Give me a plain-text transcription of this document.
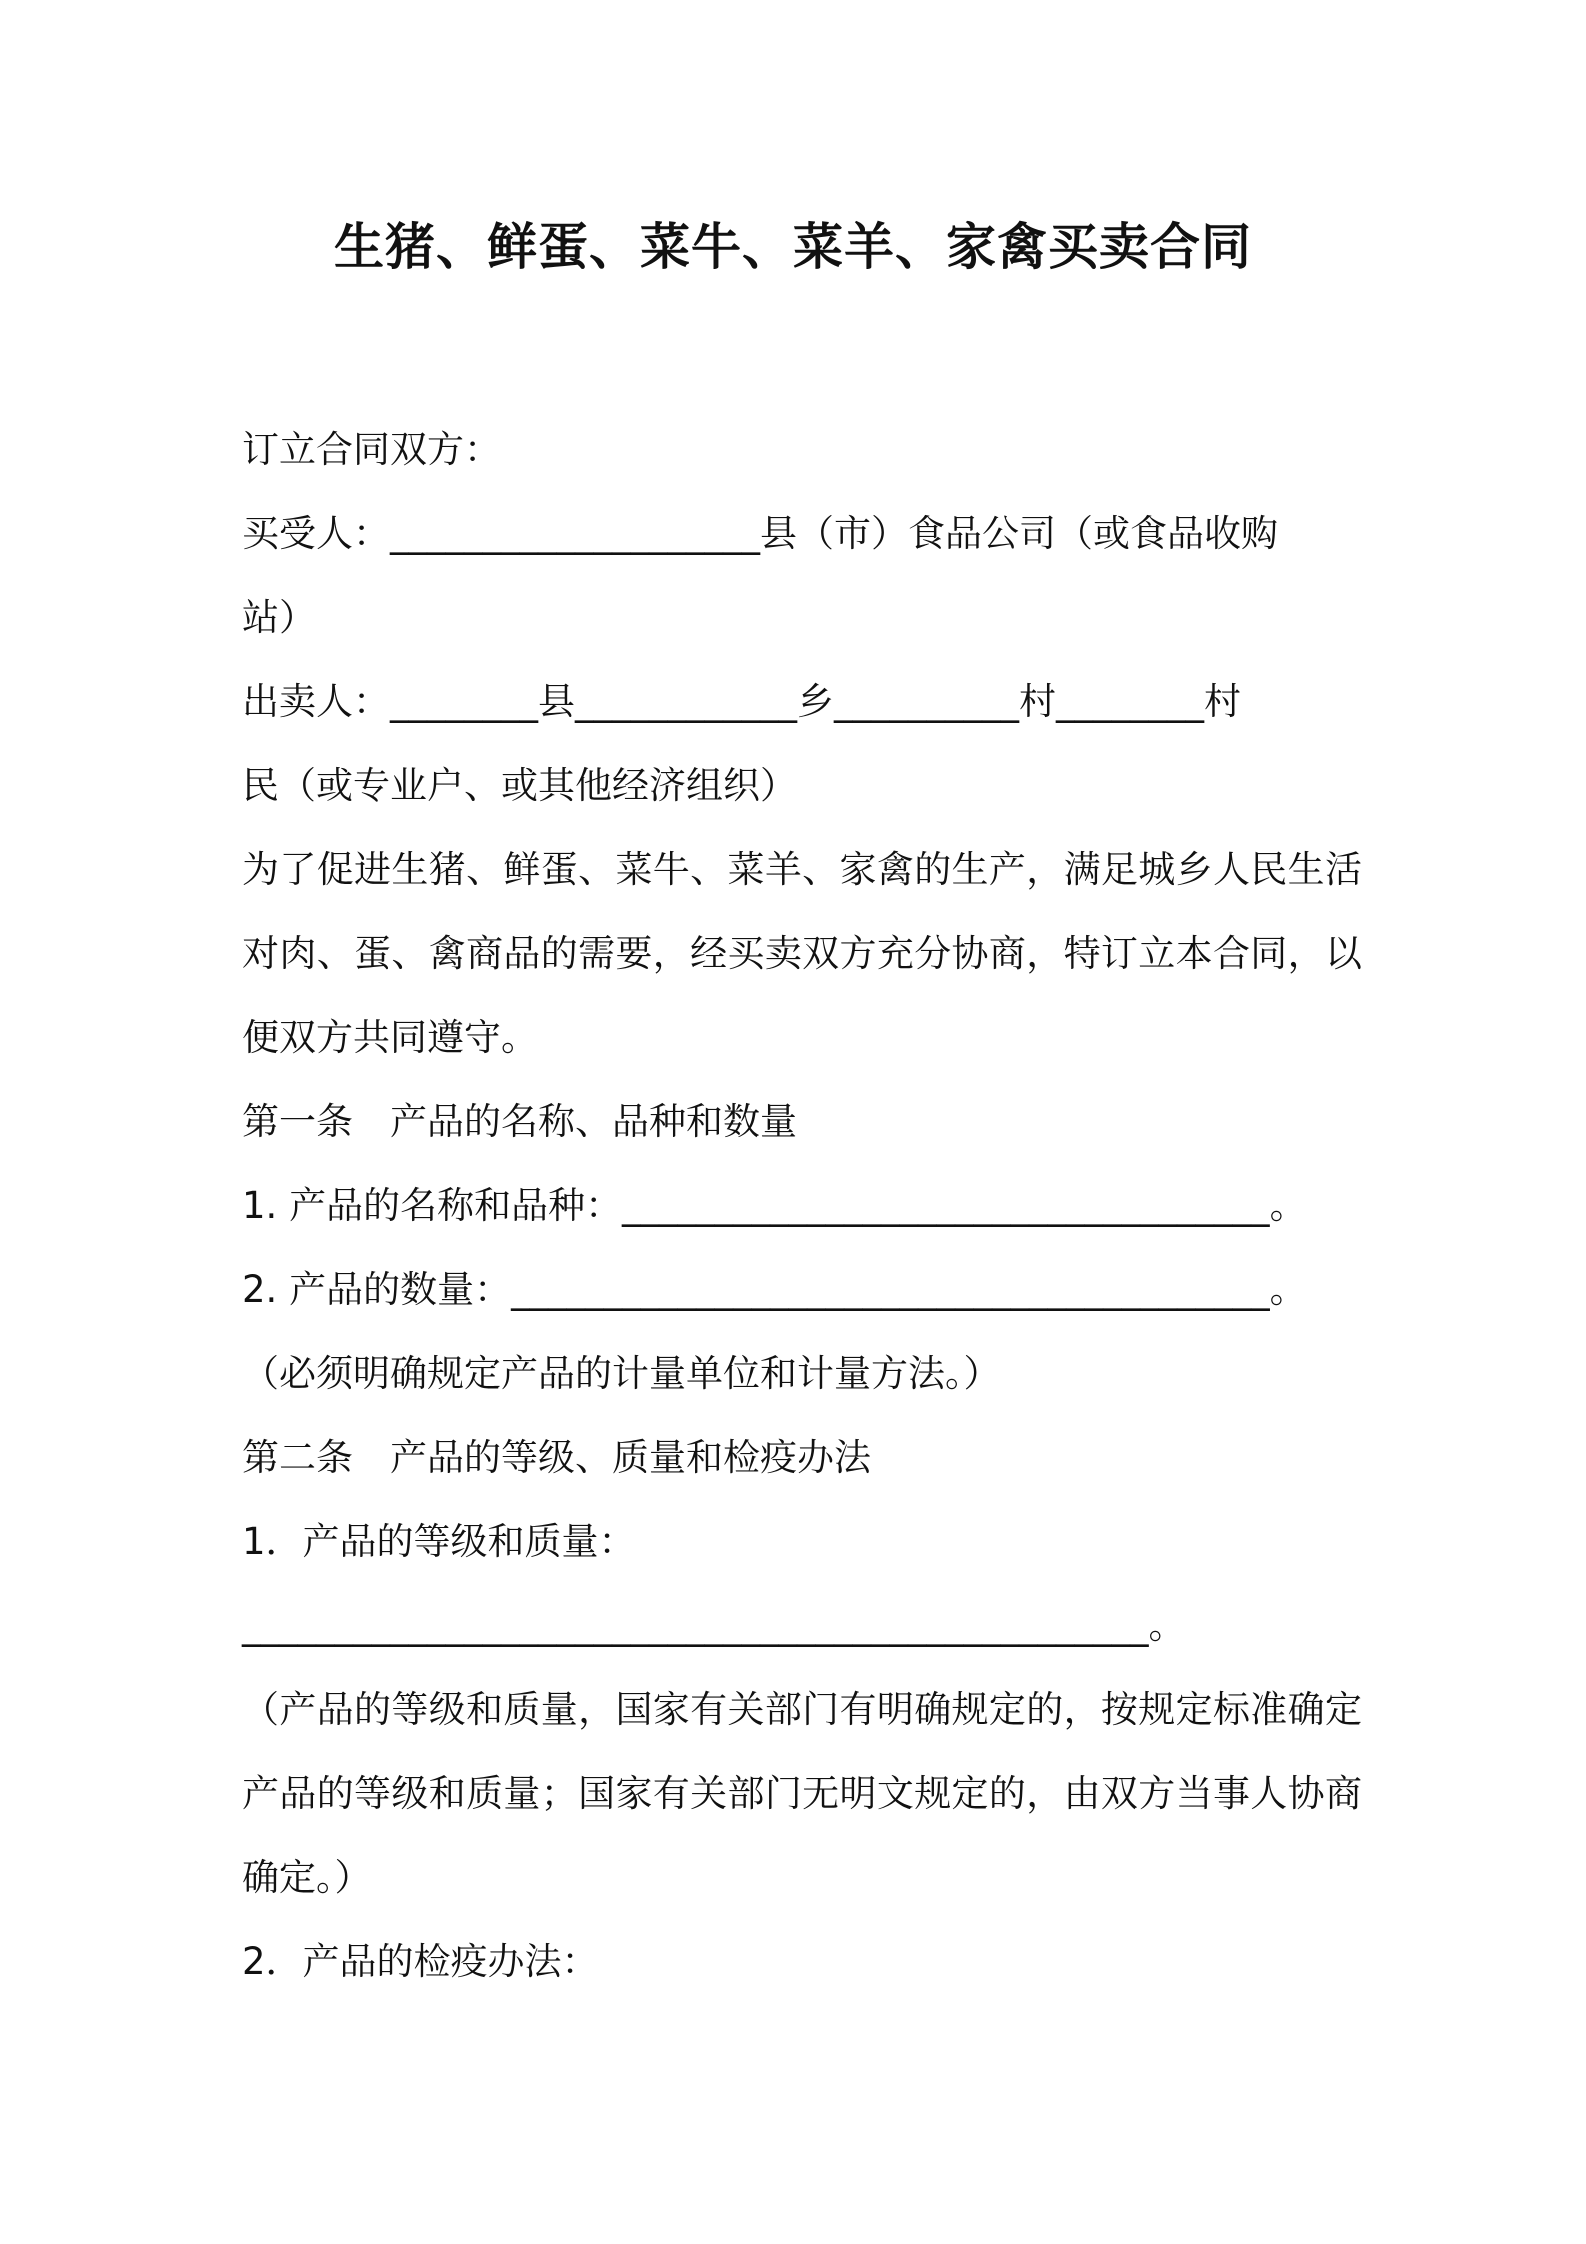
生猪、鲜蛋、菜牛、菜羊、家禽买卖合同

订立合同双方：

买受人：____________________县（市）食品公司（或食品收购

站）

出卖人：________县____________乡__________村________村

民（或专业户、或其他经济组织）

为了促进生猪、鲜蛋、菜牛、菜羊、家禽的生产，满足城乡人民生活对肉、蛋、禽商品的需要，经买卖双方充分协商，特订立本合同，以便双方共同遵守。

第一条　产品的名称、品种和数量

1. 产品的名称和品种：___________________________________。

2. 产品的数量：_________________________________________。

（必须明确规定产品的计量单位和计量方法。）

第二条　产品的等级、质量和检疫办法

1．产品的等级和质量：

_________________________________________________。

（产品的等级和质量，国家有关部门有明确规定的，按规定标准确定产品的等级和质量；国家有关部门无明文规定的，由双方当事人协商确定。）

2．产品的检疫办法：
